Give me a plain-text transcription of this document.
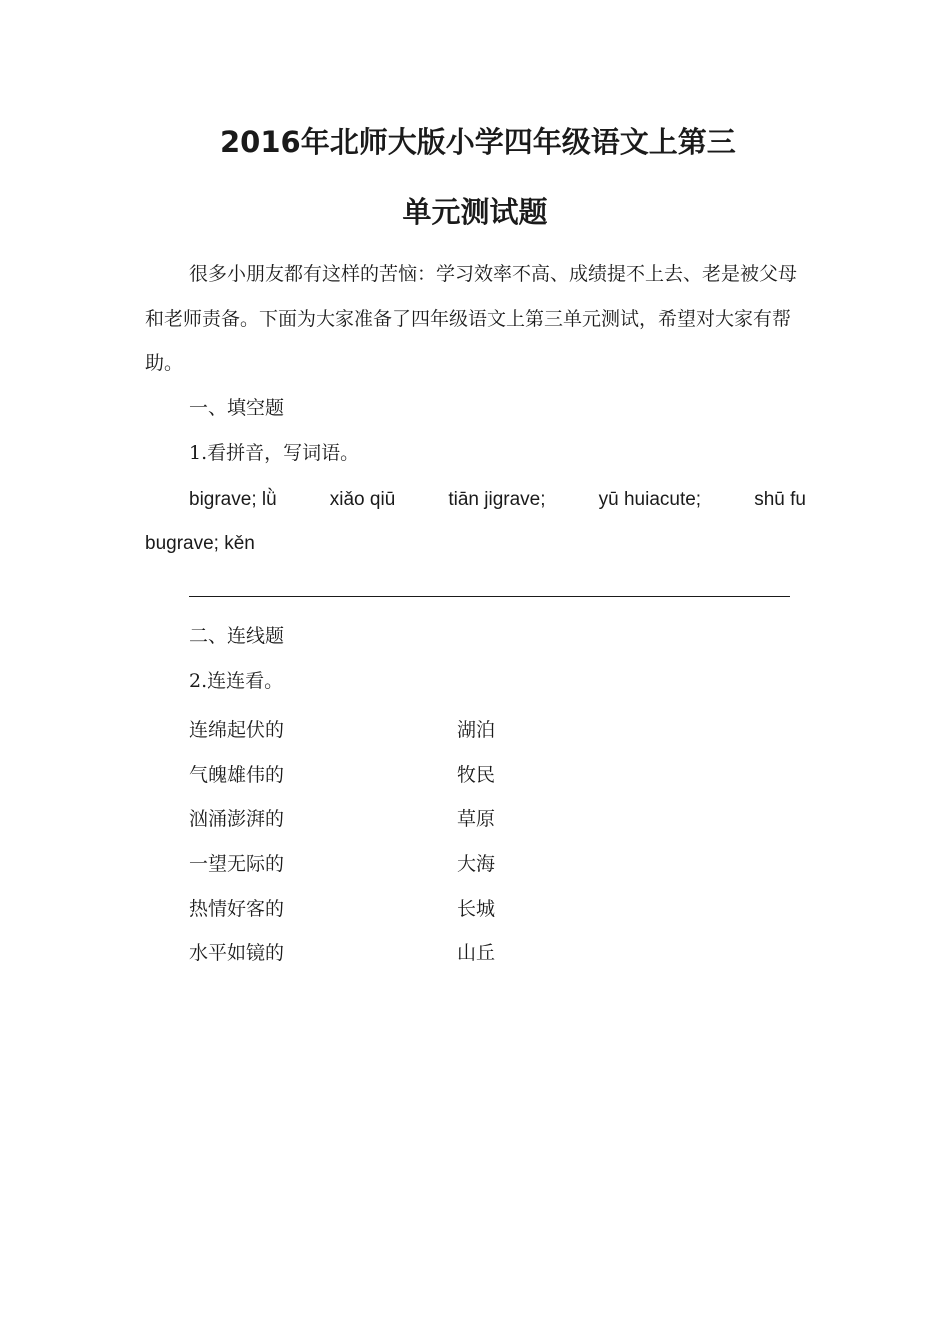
2016年北师大版小学四年级语文上第三
单元测试题

很多小朋友都有这样的苦恼：学习效率不高、成绩提不上去、老是被父母和老师责备。下面为大家准备了四年级语文上第三单元测试，希望对大家有帮助。

一、填空题
1.看拼音，写词语。
bigrave; lǜ	xiǎo qiū	tiān jigrave;	yū huiacute;	shū fu
bugrave; kěn
二、连线题
2.连连看。
连绵起伏的	湖泊
气魄雄伟的	牧民
汹涌澎湃的	草原
一望无际的	大海
热情好客的	长城
水平如镜的	山丘
